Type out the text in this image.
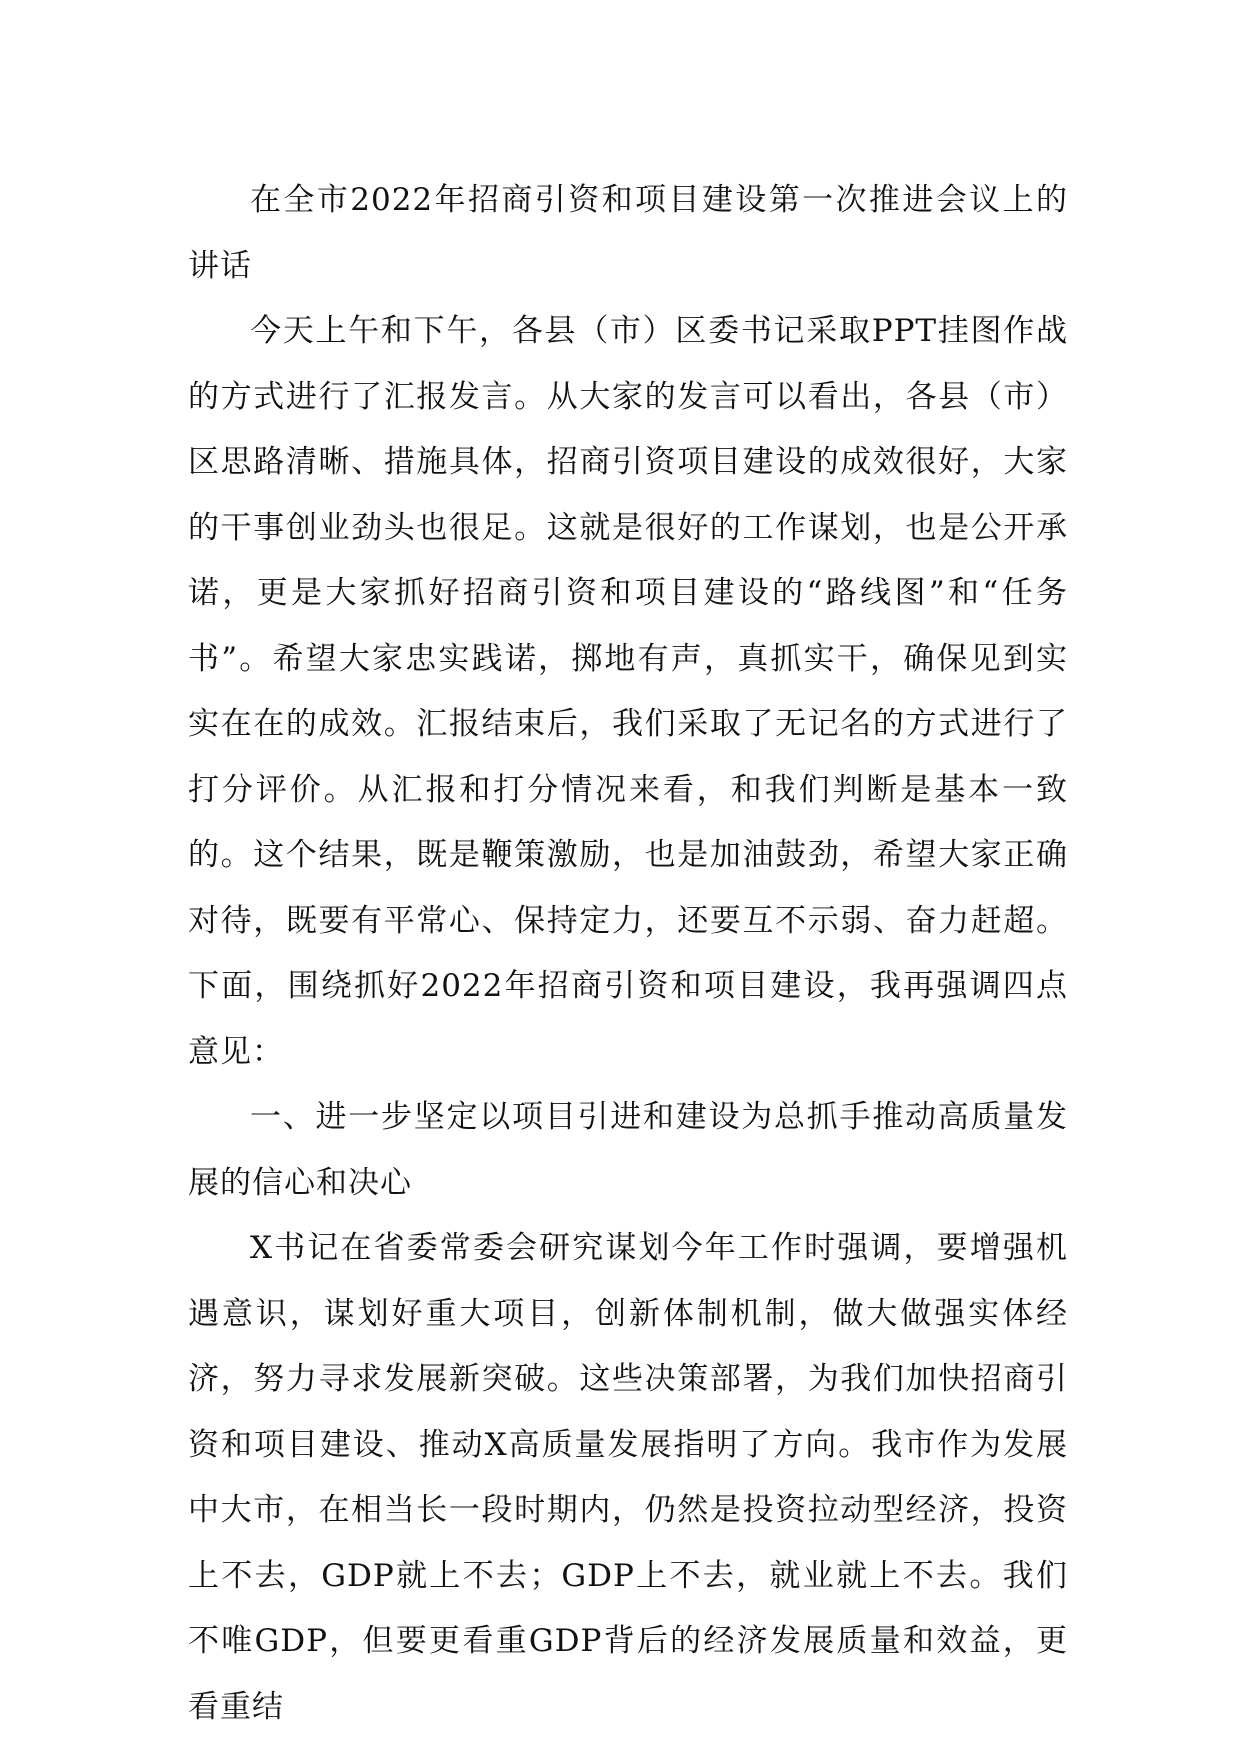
在全市2022年招商引资和项目建设第一次推进会议上的讲话

今天上午和下午，各县（市）区委书记采取PPT挂图作战的方式进行了汇报发言。从大家的发言可以看出，各县（市）区思路清晰、措施具体，招商引资项目建设的成效很好，大家的干事创业劲头也很足。这就是很好的工作谋划，也是公开承诺，更是大家抓好招商引资和项目建设的“路线图”和“任务书”。希望大家忠实践诺，掷地有声，真抓实干，确保见到实实在在的成效。汇报结束后，我们采取了无记名的方式进行了打分评价。从汇报和打分情况来看，和我们判断是基本一致的。这个结果，既是鞭策激励，也是加油鼓劲，希望大家正确对待，既要有平常心、保持定力，还要互不示弱、奋力赶超。下面，围绕抓好2022年招商引资和项目建设，我再强调四点意见：

一、进一步坚定以项目引进和建设为总抓手推动高质量发展的信心和决心

X书记在省委常委会研究谋划今年工作时强调，要增强机遇意识，谋划好重大项目，创新体制机制，做大做强实体经济，努力寻求发展新突破。这些决策部署，为我们加快招商引资和项目建设、推动X高质量发展指明了方向。我市作为发展中大市，在相当长一段时期内，仍然是投资拉动型经济，投资上不去，GDP就上不去；GDP上不去，就业就上不去。我们不唯GDP，但要更看重GDP背后的经济发展质量和效益，更看重结
